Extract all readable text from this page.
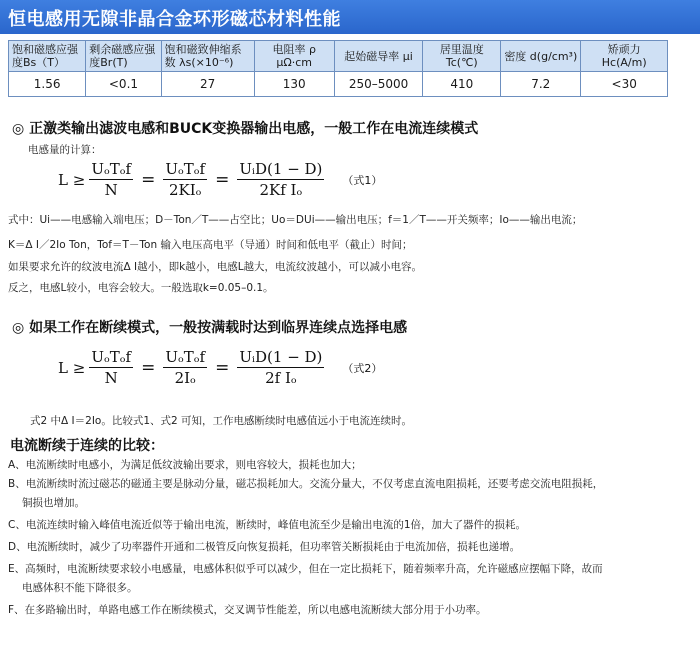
恒电感用无隙非晶合金环形磁芯材料性能
饱和磁感应强度Bs（T）	剩余磁感应强度Br(T)	饱和磁致伸缩系数 λs(×10⁻⁶)	电阻率 ρ μΩ·cm	起始磁导率 μi	居里温度 Tc(℃)	密度 d(g/cm³)	矫顽力 Hc(A/m)
1.56	<0.1	27	130	250–5000	410	7.2	<30
◎ 正激类输出滤波电感和BUCK变换器输出电感，一般工作在电流连续模式
电感量的计算：
$L \ge \frac{\text{UₒTₒf}}{N} = \frac{\text{UₒTₒf}}{\text{2KIₒ}} = \frac{\text{UᵢD(1 − D)}}{\text{2Kf Iₒ}}$ （式1）
式中：Ui——电感输入端电压；D－Ton／T——占空比；Uo＝DUi——输出电压；f＝1／T——开关频率；Io——输出电流；
K＝Δ I／2Io Ton，Tof＝T－Ton 输入电压高电平（导通）时间和低电平（截止）时间；
如果要求允许的纹波电流Δ I越小，即k越小，电感L越大，电流纹波越小，可以减小电容。
反之，电感L较小，电容会较大。一般选取k=0.05–0.1。
◎ 如果工作在断续模式，一般按满载时达到临界连续点选择电感
$L \ge \frac{\text{UₒTₒf}}{N} = \frac{\text{UₒTₒf}}{\text{2Iₒ}} = \frac{\text{UᵢD(1 − D)}}{\text{2f Iₒ}}$ （式2）
式2 中Δ I＝2Io。比较式1、式2 可知，工作电感断续时电感值远小于电流连续时。
电流断续于连续的比较：
A、电流断续时电感小，为满足低纹波输出要求，则电容较大，损耗也加大；
B、电流断续时流过磁芯的磁通主要是脉动分量，磁芯损耗加大。交流分量大，不仅考虑直流电阻损耗，还要考虑交流电阻损耗，
铜损也增加。
C、电流连续时输入峰值电流近似等于输出电流，断续时，峰值电流至少是输出电流的1倍，加大了器件的损耗。
D、电流断续时，减少了功率器件开通和二极管反向恢复损耗，但功率管关断损耗由于电流加倍，损耗也递增。
E、高频时，电流断续要求较小电感量，电感体积似乎可以减少，但在一定比损耗下，随着频率升高，允许磁感应摆幅下降，故而
电感体积不能下降很多。
F、在多路输出时，单路电感工作在断续模式，交叉调节性能差，所以电感电流断续大部分用于小功率。
